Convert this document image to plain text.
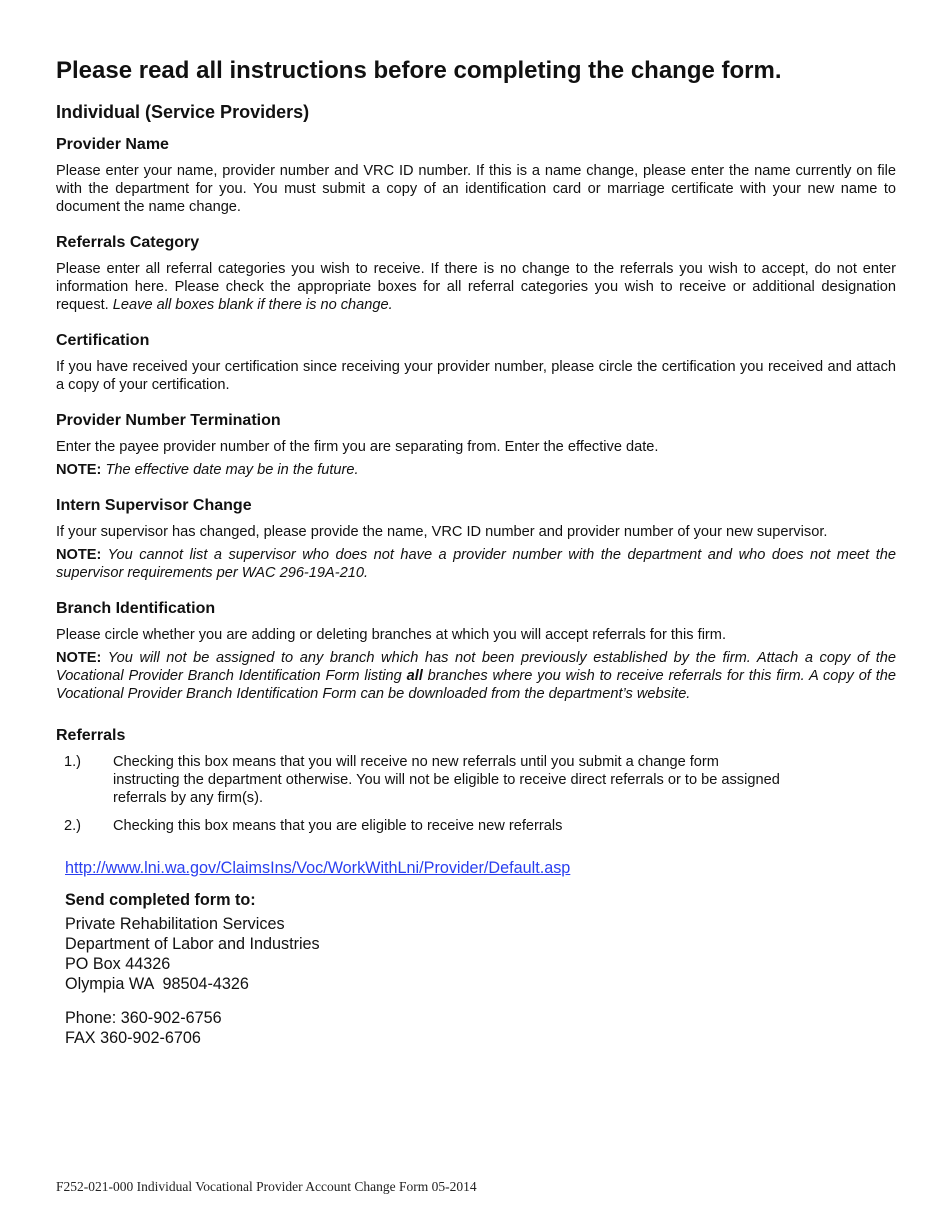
Please read all instructions before completing the change form.
Individual (Service Providers)
Provider Name

Please enter your name, provider number and VRC ID number. If this is a name change, please enter the name currently on file with the department for you. You must submit a copy of an identification card or marriage certificate with your new name to document the name change.

Referrals Category

Please enter all referral categories you wish to receive. If there is no change to the referrals you wish to accept, do not enter information here. Please check the appropriate boxes for all referral categories you wish to receive or additional designation request. Leave all boxes blank if there is no change.

Certification

If you have received your certification since receiving your provider number, please circle the certification you received and attach a copy of your certification.

Provider Number Termination

Enter the payee provider number of the firm you are separating from. Enter the effective date.

NOTE: The effective date may be in the future.

Intern Supervisor Change

If your supervisor has changed, please provide the name, VRC ID number and provider number of your new supervisor.

NOTE: You cannot list a supervisor who does not have a provider number with the department and who does not meet the supervisor requirements per WAC 296-19A-210.

Branch Identification

Please circle whether you are adding or deleting branches at which you will accept referrals for this firm.

NOTE: You will not be assigned to any branch which has not been previously established by the firm. Attach a copy of the Vocational Provider Branch Identification Form listing all branches where you wish to receive referrals for this firm. A copy of the Vocational Provider Branch Identification Form can be downloaded from the department’s website.

Referrals
1.)	Checking this box means that you will receive no new referrals until you submit a change form instructing the department otherwise. You will not be eligible to receive direct referrals or to be assigned referrals by any firm(s).
2.)	Checking this box means that you are eligible to receive new referrals
http://www.lni.wa.gov/ClaimsIns/Voc/WorkWithLni/Provider/Default.asp
Send completed form to:
Private Rehabilitation Services
Department of Labor and Industries
PO Box 44326
Olympia WA  98504-4326
Phone: 360-902-6756
FAX 360-902-6706
F252-021-000 Individual Vocational Provider Account Change Form 05-2014
